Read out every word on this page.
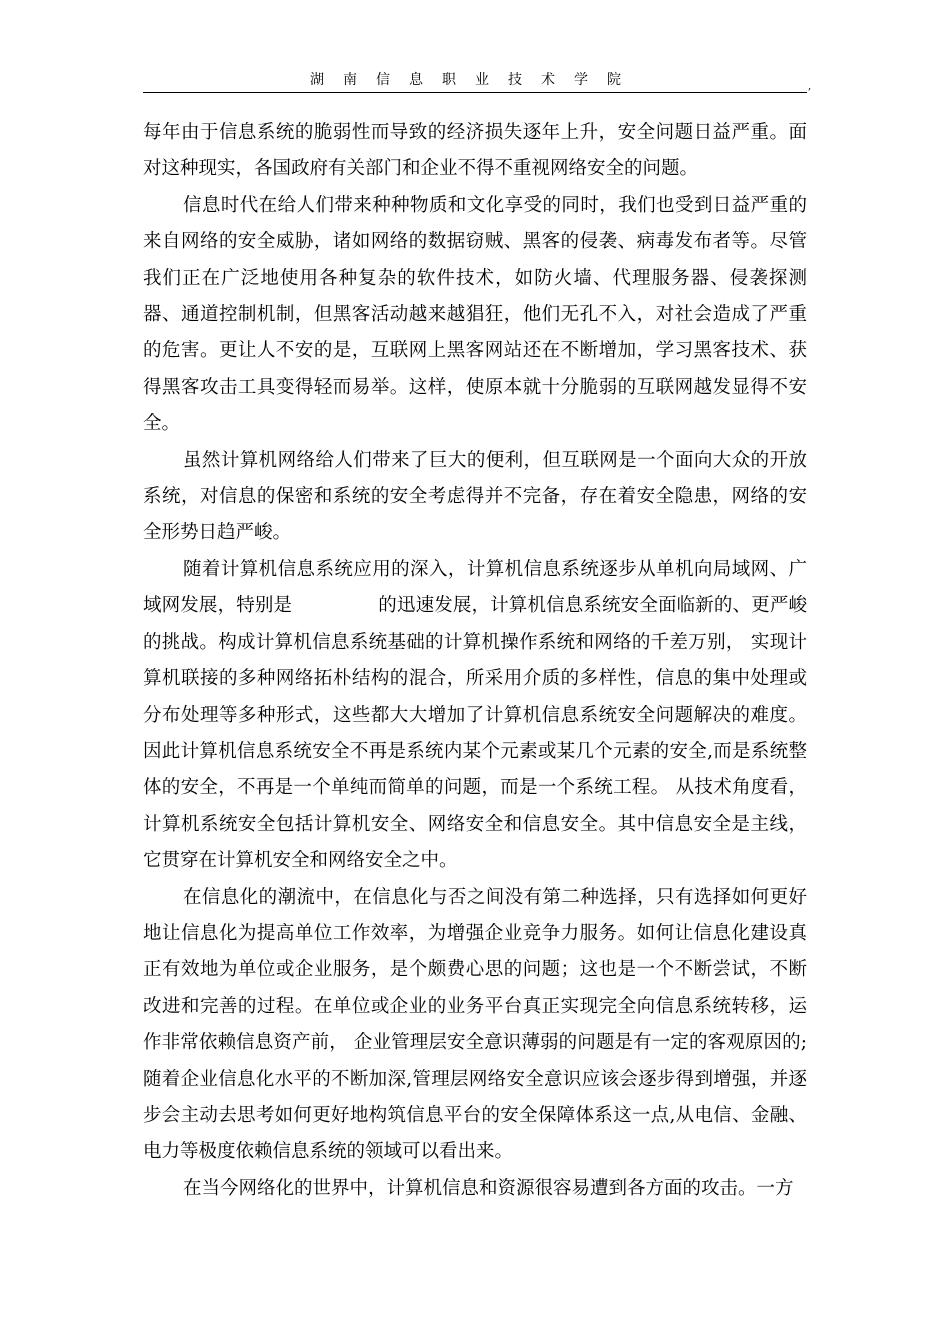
湖南信息职业技术学院	,

每年由于信息系统的脆弱性而导致的经济损失逐年上升，安全问题日益严重。面对这种现实，各国政府有关部门和企业不得不重视网络安全的问题。

信息时代在给人们带来种种物质和文化享受的同时，我们也受到日益严重的来自网络的安全威胁，诸如网络的数据窃贼、黑客的侵袭、病毒发布者等。尽管我们正在广泛地使用各种复杂的软件技术，如防火墙、代理服务器、侵袭探测器、通道控制机制，但黑客活动越来越猖狂，他们无孔不入，对社会造成了严重的危害。更让人不安的是，互联网上黑客网站还在不断增加，学习黑客技术、获得黑客攻击工具变得轻而易举。这样，使原本就十分脆弱的互联网越发显得不安全。

虽然计算机网络给人们带来了巨大的便利，但互联网是一个面向大众的开放系统，对信息的保密和系统的安全考虑得并不完备，存在着安全隐患，网络的安全形势日趋严峻。

随着计算机信息系统应用的深入，计算机信息系统逐步从单机向局域网、广域网发展，特别是	的迅速发展，计算机信息系统安全面临新的、更严峻的挑战。构成计算机信息系统基础的计算机操作系统和网络的千差万别， 实现计算机联接的多种网络拓朴结构的混合，所采用介质的多样性，信息的集中处理或分布处理等多种形式，这些都大大增加了计算机信息系统安全问题解决的难度。因此计算机信息系统安全不再是系统内某个元素或某几个元素的安全,而是系统整体的安全，不再是一个单纯而简单的问题，而是一个系统工程。 从技术角度看，计算机系统安全包括计算机安全、网络安全和信息安全。其中信息安全是主线，它贯穿在计算机安全和网络安全之中。

在信息化的潮流中，在信息化与否之间没有第二种选择，只有选择如何更好地让信息化为提高单位工作效率，为增强企业竞争力服务。如何让信息化建设真正有效地为单位或企业服务，是个颇费心思的问题；这也是一个不断尝试，不断改进和完善的过程。在单位或企业的业务平台真正实现完全向信息系统转移，运作非常依赖信息资产前， 企业管理层安全意识薄弱的问题是有一定的客观原因的;随着企业信息化水平的不断加深,管理层网络安全意识应该会逐步得到增强，并逐步会主动去思考如何更好地构筑信息平台的安全保障体系这一点,从电信、金融、电力等极度依赖信息系统的领域可以看出来。

在当今网络化的世界中，计算机信息和资源很容易遭到各方面的攻击。一方
